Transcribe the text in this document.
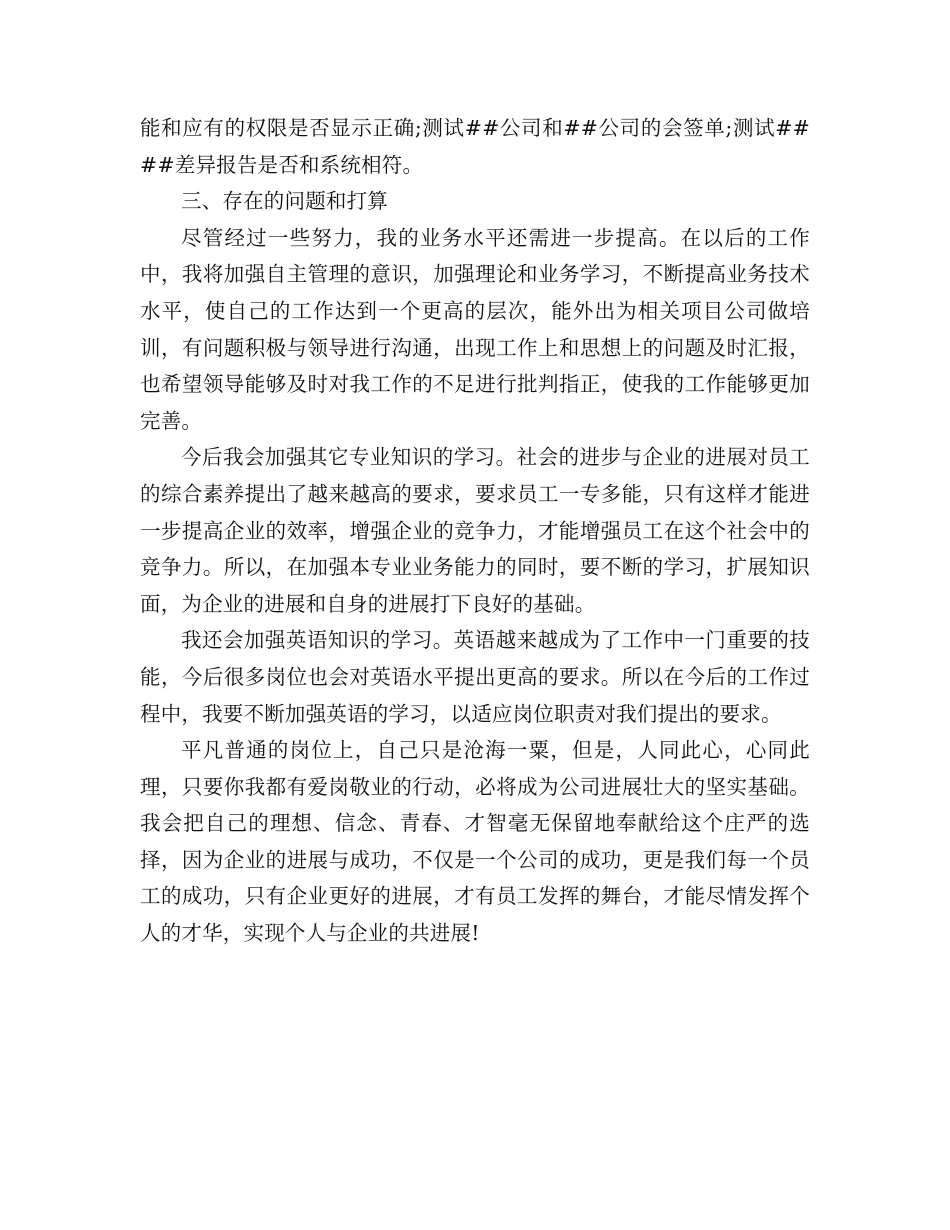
能和应有的权限是否显示正确;测试##公司和##公司的会签单;测试####差异报告是否和系统相符。

三、存在的问题和打算

尽管经过一些努力，我的业务水平还需进一步提高。在以后的工作中，我将加强自主管理的意识，加强理论和业务学习，不断提高业务技术水平，使自己的工作达到一个更高的层次，能外出为相关项目公司做培训，有问题积极与领导进行沟通，出现工作上和思想上的问题及时汇报，也希望领导能够及时对我工作的不足进行批判指正，使我的工作能够更加完善。

今后我会加强其它专业知识的学习。社会的进步与企业的进展对员工的综合素养提出了越来越高的要求，要求员工一专多能，只有这样才能进一步提高企业的效率，增强企业的竞争力，才能增强员工在这个社会中的竞争力。所以，在加强本专业业务能力的同时，要不断的学习，扩展知识面，为企业的进展和自身的进展打下良好的基础。

我还会加强英语知识的学习。英语越来越成为了工作中一门重要的技能，今后很多岗位也会对英语水平提出更高的要求。所以在今后的工作过程中，我要不断加强英语的学习，以适应岗位职责对我们提出的要求。

平凡普通的岗位上，自己只是沧海一粟，但是，人同此心，心同此理，只要你我都有爱岗敬业的行动，必将成为公司进展壮大的坚实基础。我会把自己的理想、信念、青春、才智毫无保留地奉献给这个庄严的选择，因为企业的进展与成功，不仅是一个公司的成功，更是我们每一个员工的成功，只有企业更好的进展，才有员工发挥的舞台，才能尽情发挥个人的才华，实现个人与企业的共进展!
